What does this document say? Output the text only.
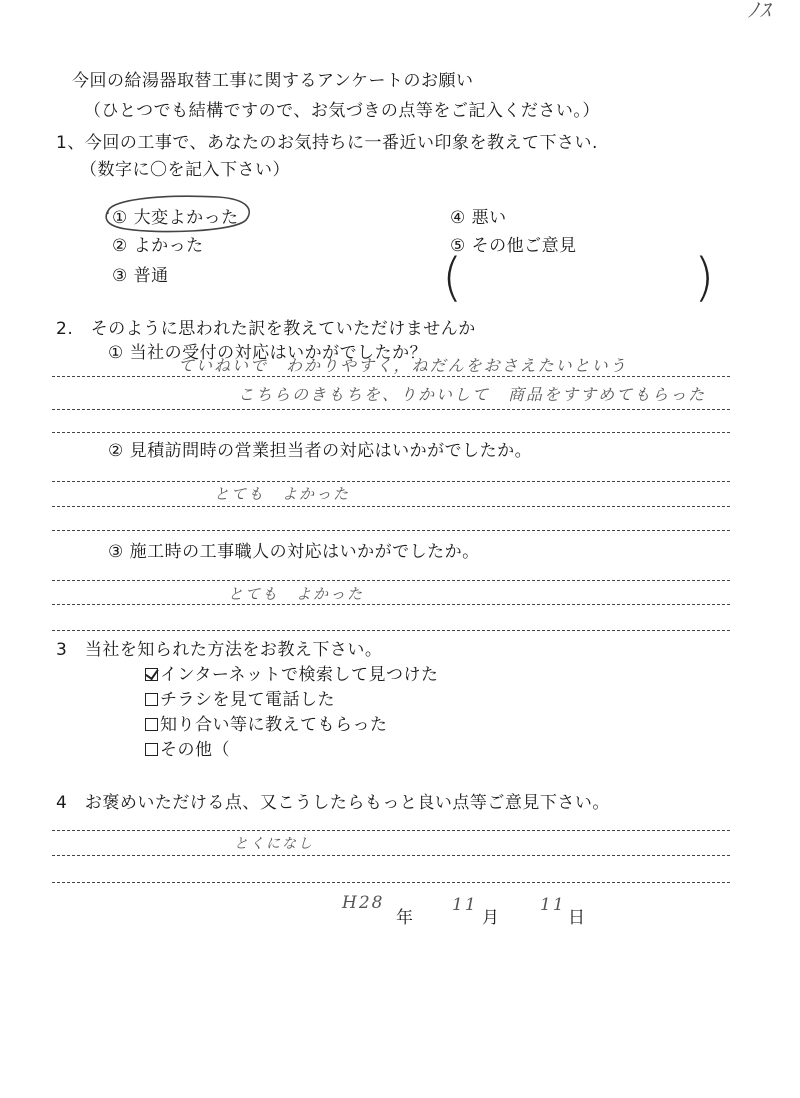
ﾉｽ
今回の給湯器取替工事に関するアンケートのお願い
（ひとつでも結構ですので、お気づきの点等をご記入ください。）
1、今回の工事で、あなたのお気持ちに一番近い印象を教えて下さい.
（数字に〇を記入下さい）
① 大変よかった
② よかった
③ 普通
④ 悪い
⑤ その他ご意見
(	)
2.　そのように思われた訳を教えていただけませんか
① 当社の受付の対応はいかがでしたか？
ていねいで　わかりやすく，ねだんをおさえたいという
こちらのきもちを、りかいして　商品をすすめてもらった
② 見積訪問時の営業担当者の対応はいかがでしたか。
とても　よかった
③ 施工時の工事職人の対応はいかがでしたか。
とても　よかった
3　当社を知られた方法をお教え下さい。
インターネットで検索して見つけた
チラシを見て電話した
知り合い等に教えてもらった
その他（
4　お褒めいただける点、又こうしたらもっと良い点等ご意見下さい。
とくになし
H28
年
11
月
11
日
